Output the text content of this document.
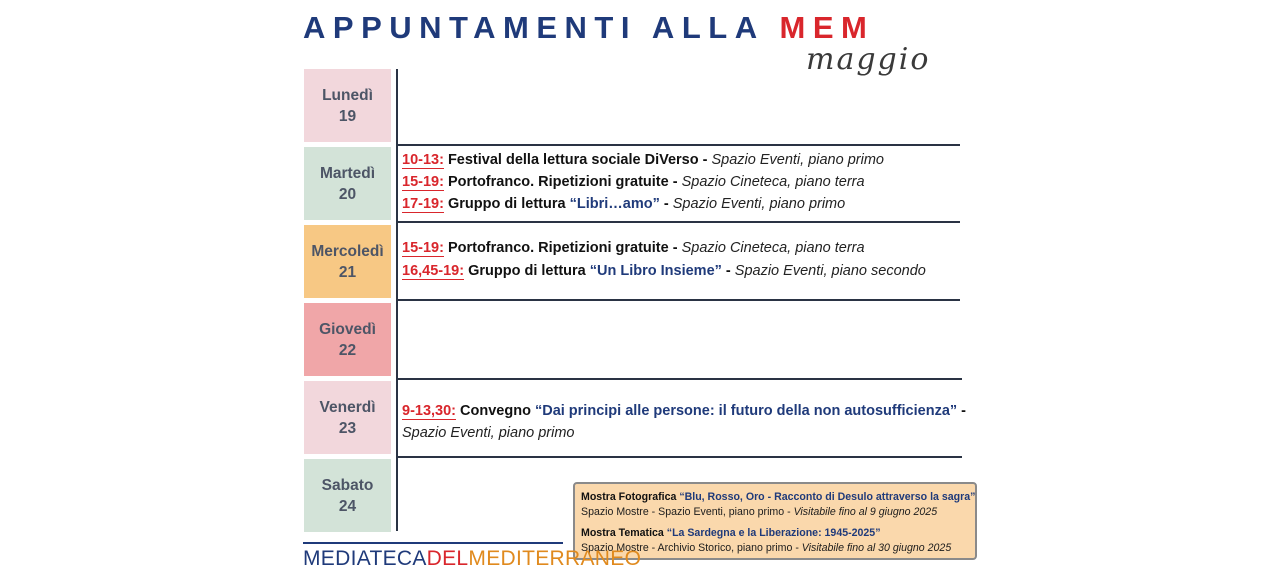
APPUNTAMENTI ALLA MEM
maggio
Lunedì
19
Martedì
20
Mercoledì
21
Giovedì
22
Venerdì
23
Sabato
24
10-13: Festival della lettura sociale DiVerso - Spazio Eventi, piano primo
15-19: Portofranco. Ripetizioni gratuite - Spazio Cineteca, piano terra
17-19: Gruppo di lettura “Libri…amo” - Spazio Eventi, piano primo
15-19: Portofranco. Ripetizioni gratuite - Spazio Cineteca, piano terra
16,45-19: Gruppo di lettura “Un Libro Insieme” - Spazio Eventi, piano secondo
9-13,30: Convegno “Dai principi alle persone: il futuro della non autosufficienza” -
Spazio Eventi, piano primo
Mostra Fotografica “Blu, Rosso, Oro - Racconto di Desulo attraverso la sagra”
Spazio Mostre - Spazio Eventi, piano primo - Visitabile fino al 9 giugno 2025
Mostra Tematica “La Sardegna e la Liberazione: 1945-2025”
Spazio Mostre - Archivio Storico, piano primo - Visitabile fino al 30 giugno 2025
MEDIATECADELMEDITERRANEO
